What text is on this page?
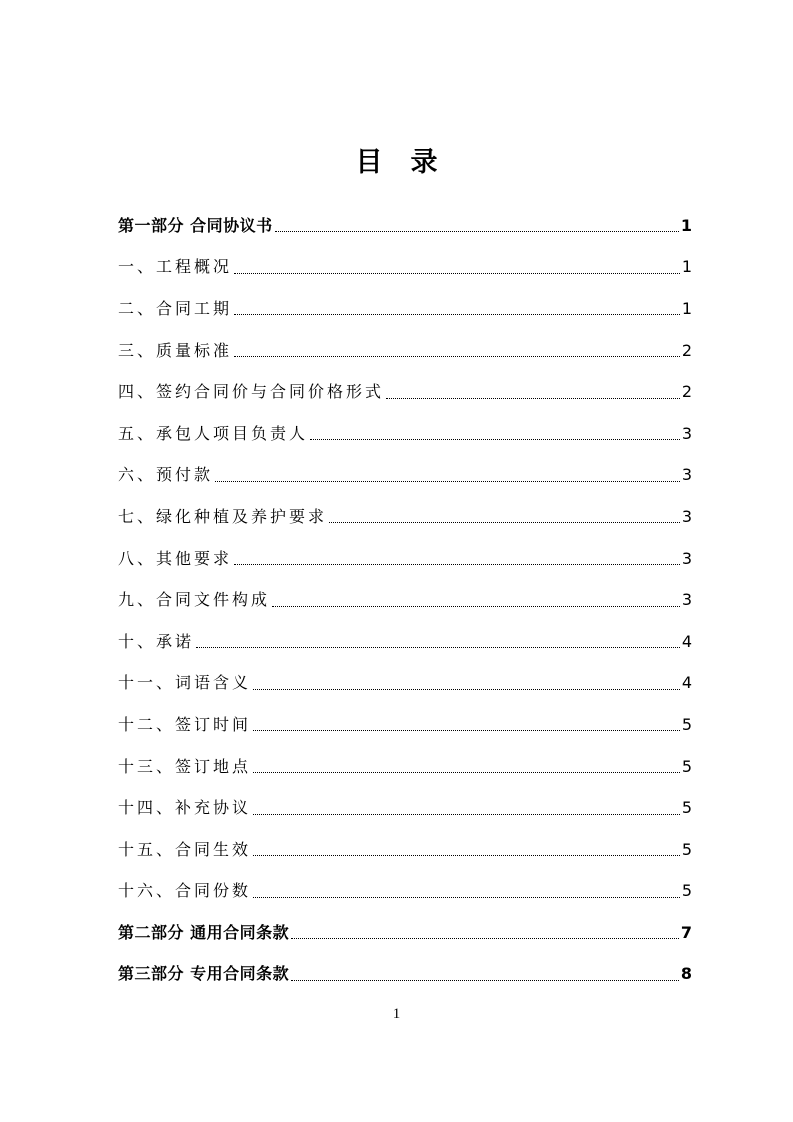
目录
第一部分 合同协议书	1
一、工程概况	1
二、合同工期	1
三、质量标准	2
四、签约合同价与合同价格形式	2
五、承包人项目负责人	3
六、预付款	3
七、绿化种植及养护要求	3
八、其他要求	3
九、合同文件构成	3
十、承诺	4
十一、词语含义	4
十二、签订时间	5
十三、签订地点	5
十四、补充协议	5
十五、合同生效	5
十六、合同份数	5
第二部分 通用合同条款	7
第三部分 专用合同条款	8
1
